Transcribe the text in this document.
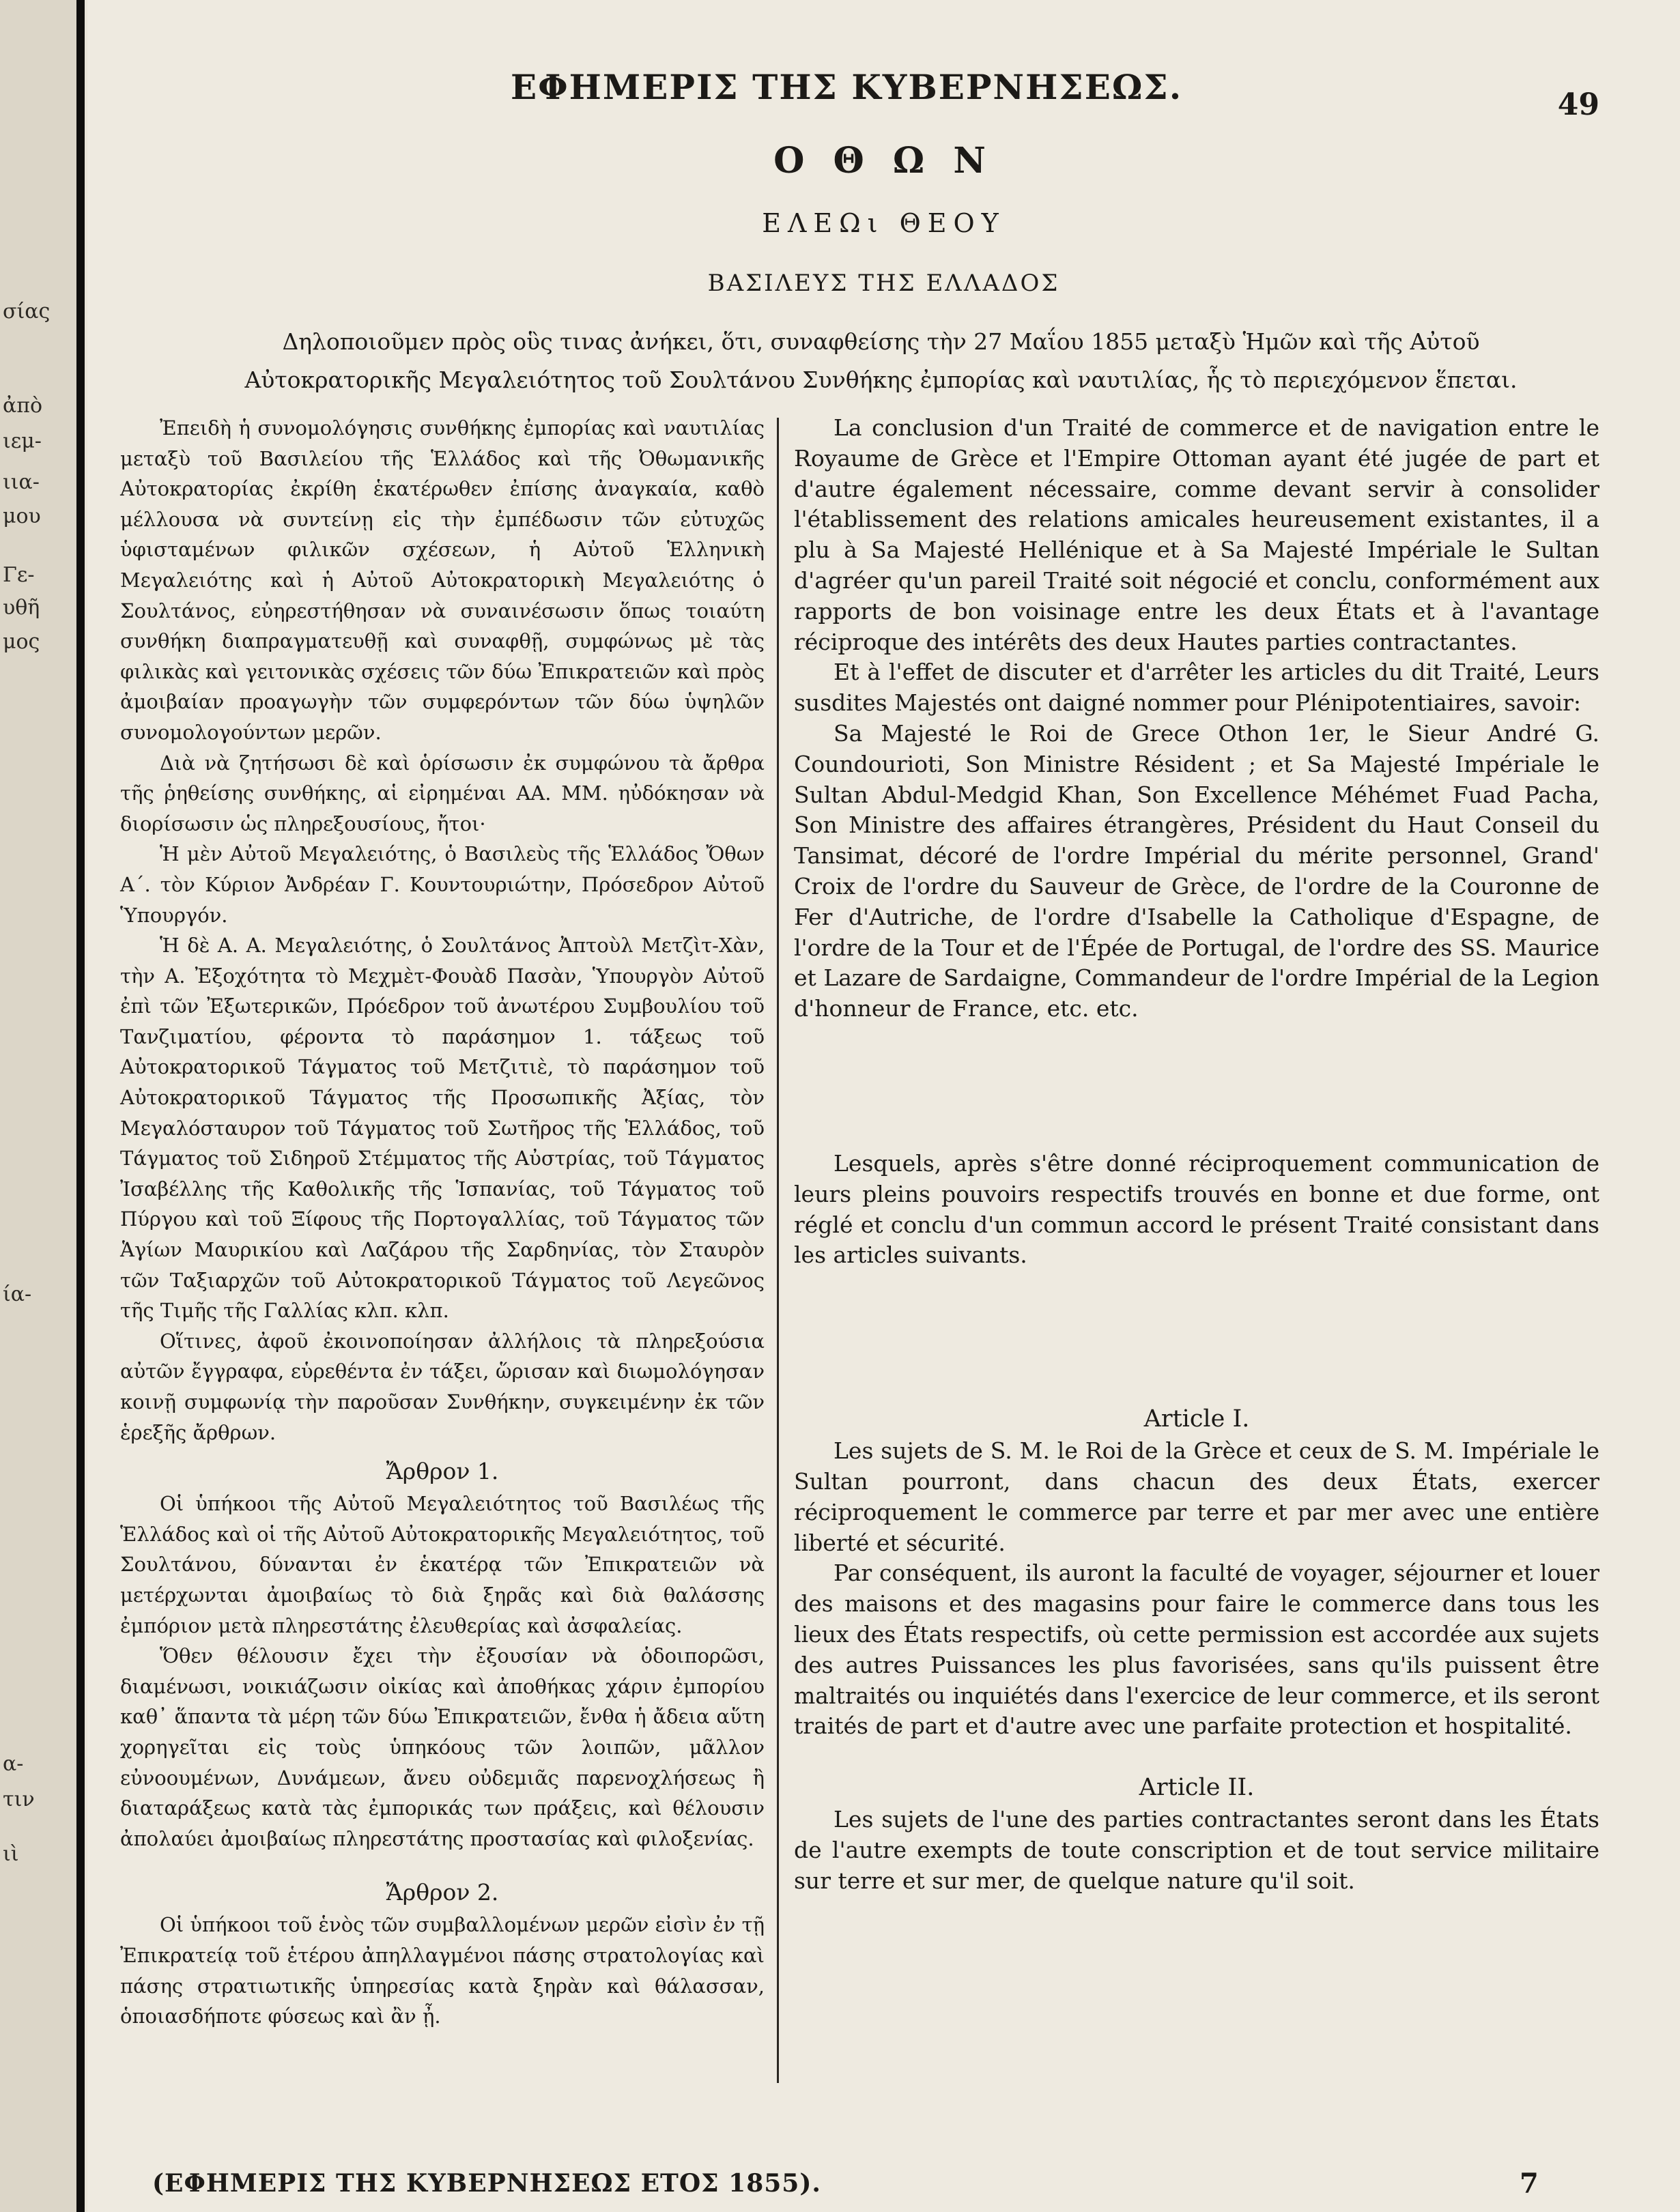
σίας
ἀπὸ
ιεμ-
ιια-
μου
Γε-
υθῆ
μος
ία-
α-
τιν
ιὶ
ΕΦΗΜΕΡΙΣ ΤΗΣ ΚΥΒΕΡΝΗΣΕΩΣ.	49
Ο Θ Ω Ν
ΕΛΕΩι ΘΕΟΥ
ΒΑΣΙΛΕΥΣ ΤΗΣ ΕΛΛΑΔΟΣ
Δηλοποιοῦμεν πρὸς οὓς τινας ἀνήκει, ὅτι, συναφθείσης τὴν 27 Μαΐου 1855 μεταξὺ Ἡμῶν καὶ τῆς Αὐτοῦ Αὐτοκρατορικῆς Μεγαλειότητος τοῦ Σουλτάνου Συνθήκης ἐμπορίας καὶ ναυτιλίας, ἧς τὸ περιεχόμενον ἕπεται.

Ἐπειδὴ ἡ συνομολόγησις συνθήκης ἐμπορίας καὶ ναυτιλίας μεταξὺ τοῦ Βασιλείου τῆς Ἑλλάδος καὶ τῆς Ὀθωμανικῆς Αὐτοκρατορίας ἐκρίθη ἑκατέρωθεν ἐπίσης ἀναγκαία, καθὸ μέλλουσα νὰ συντείνῃ εἰς τὴν ἐμπέδωσιν τῶν εὐτυχῶς ὑφισταμένων φιλικῶν σχέσεων, ἡ Αὐτοῦ Ἑλληνικὴ Μεγαλειότης καὶ ἡ Αὐτοῦ Αὐτοκρατορικὴ Μεγαλειότης ὁ Σουλτάνος, εὐηρεστήθησαν νὰ συναινέσωσιν ὅπως τοιαύτη συνθήκη διαπραγματευθῇ καὶ συναφθῇ, συμφώνως μὲ τὰς φιλικὰς καὶ γειτονικὰς σχέσεις τῶν δύω Ἐπικρατειῶν καὶ πρὸς ἀμοιβαίαν προαγωγὴν τῶν συμφερόντων τῶν δύω ὑψηλῶν συνομολογούντων μερῶν.

Διὰ νὰ ζητήσωσι δὲ καὶ ὁρίσωσιν ἐκ συμφώνου τὰ ἄρθρα τῆς ῥηθείσης συνθήκης, αἱ εἰρημέναι ΑΑ. ΜΜ. ηὐδόκησαν νὰ διορίσωσιν ὡς πληρεξουσίους, ἤτοι·

Ἡ μὲν Αὐτοῦ Μεγαλειότης, ὁ Βασιλεὺς τῆς Ἑλλάδος Ὄθων Α΄. τὸν Κύριον Ἀνδρέαν Γ. Κουντουριώτην, Πρόσεδρον Αὐτοῦ Ὑπουργόν.

Ἡ δὲ Α. Α. Μεγαλειότης, ὁ Σουλτάνος Ἀπτοὺλ Μετζὶτ-Χὰν, τὴν Α. Ἐξοχότητα τὸ Μεχμὲτ-Φουὰδ Πασὰν, Ὑπουργὸν Αὐτοῦ ἐπὶ τῶν Ἐξωτερικῶν, Πρόεδρον τοῦ ἀνωτέρου Συμβουλίου τοῦ Τανζιματίου, φέροντα τὸ παράσημον 1. τάξεως τοῦ Αὐτοκρατορικοῦ Τάγματος τοῦ Μετζιτιὲ, τὸ παράσημον τοῦ Αὐτοκρατορικοῦ Τάγματος τῆς Προσωπικῆς Ἀξίας, τὸν Μεγαλόσταυρον τοῦ Τάγματος τοῦ Σωτῆρος τῆς Ἑλλάδος, τοῦ Τάγματος τοῦ Σιδηροῦ Στέμματος τῆς Αὐστρίας, τοῦ Τάγματος Ἰσαβέλλης τῆς Καθολικῆς τῆς Ἱσπανίας, τοῦ Τάγματος τοῦ Πύργου καὶ τοῦ Ξίφους τῆς Πορτογαλλίας, τοῦ Τάγματος τῶν Ἁγίων Μαυρικίου καὶ Λαζάρου τῆς Σαρδηνίας, τὸν Σταυρὸν τῶν Ταξιαρχῶν τοῦ Αὐτοκρατορικοῦ Τάγματος τοῦ Λεγεῶνος τῆς Τιμῆς τῆς Γαλλίας κλπ. κλπ.

Οἵτινες, ἀφοῦ ἐκοινοποίησαν ἀλλήλοις τὰ πληρεξούσια αὐτῶν ἔγγραφα, εὑρεθέντα ἐν τάξει, ὥρισαν καὶ διωμολόγησαν κοινῇ συμφωνίᾳ τὴν παροῦσαν Συνθήκην, συγκειμένην ἐκ τῶν ἑρεξῆς ἄρθρων.

Ἄρθρον 1.

Οἱ ὑπήκοοι τῆς Αὐτοῦ Μεγαλειότητος τοῦ Βασιλέως τῆς Ἑλλάδος καὶ οἱ τῆς Αὐτοῦ Αὐτοκρατορικῆς Μεγαλειότητος, τοῦ Σουλτάνου, δύνανται ἐν ἑκατέρᾳ τῶν Ἐπικρατειῶν νὰ μετέρχωνται ἀμοιβαίως τὸ διὰ ξηρᾶς καὶ διὰ θαλάσσης ἐμπόριον μετὰ πληρεστάτης ἐλευθερίας καὶ ἀσφαλείας.

Ὅθεν θέλουσιν ἔχει τὴν ἐξουσίαν νὰ ὁδοιπορῶσι, διαμένωσι, νοικιάζωσιν οἰκίας καὶ ἀποθήκας χάριν ἐμπορίου καθ᾿ ἅπαντα τὰ μέρη τῶν δύω Ἐπικρατειῶν, ἔνθα ἡ ἄδεια αὕτη χορηγεῖται εἰς τοὺς ὑπηκόους τῶν λοιπῶν, μᾶλλον εὐνοουμένων, Δυνάμεων, ἄνευ οὐδεμιᾶς παρενοχλήσεως ἢ διαταράξεως κατὰ τὰς ἐμπορικάς των πράξεις, καὶ θέλουσιν ἀπολαύει ἀμοιβαίως πληρεστάτης προστασίας καὶ φιλοξενίας.

Ἄρθρον 2.

Οἱ ὑπήκοοι τοῦ ἑνὸς τῶν συμβαλλομένων μερῶν εἰσὶν ἐν τῇ Ἐπικρατείᾳ τοῦ ἑτέρου ἀπηλλαγμένοι πάσης στρατολογίας καὶ πάσης στρατιωτικῆς ὑπηρεσίας κατὰ ξηρὰν καὶ θάλασσαν, ὁποιασδήποτε φύσεως καὶ ἂν ᾖ.

La conclusion d'un Traité de commerce et de navigation entre le Royaume de Grèce et l'Empire Ottoman ayant été jugée de part et d'autre également nécessaire, comme devant servir à consolider l'établissement des relations amicales heureusement existantes, il a plu à Sa Majesté Hellénique et à Sa Majesté Impériale le Sultan d'agréer qu'un pareil Traité soit négocié et conclu, conformément aux rapports de bon voisinage entre les deux États et à l'avantage réciproque des intérêts des deux Hautes parties contractantes.

Et à l'effet de discuter et d'arrêter les articles du dit Traité, Leurs susdites Majestés ont daigné nommer pour Plénipotentiaires, savoir:

Sa Majesté le Roi de Grece Othon 1er, le Sieur André G. Coundourioti, Son Ministre Résident ; et Sa Majesté Impériale le Sultan Abdul-Medgid Khan, Son Excellence Méhémet Fuad Pacha, Son Ministre des affaires étrangères, Président du Haut Conseil du Tansimat, décoré de l'ordre Impérial du mérite personnel, Grand' Croix de l'ordre du Sauveur de Grèce, de l'ordre de la Couronne de Fer d'Autriche, de l'ordre d'Isabelle la Catholique d'Espagne, de l'ordre de la Tour et de l'Épée de Portugal, de l'ordre des SS. Maurice et Lazare de Sardaigne, Commandeur de l'ordre Impérial de la Legion d'honneur de France, etc. etc.

Lesquels, après s'être donné réciproquement communication de leurs pleins pouvoirs respectifs trouvés en bonne et due forme, ont réglé et conclu d'un commun accord le présent Traité consistant dans les articles suivants.

Article I.

Les sujets de S. M. le Roi de la Grèce et ceux de S. M. Impériale le Sultan pourront, dans chacun des deux États, exercer réciproquement le commerce par terre et par mer avec une entière liberté et sécurité.

Par conséquent, ils auront la faculté de voyager, séjourner et louer des maisons et des magasins pour faire le commerce dans tous les lieux des États respectifs, où cette permission est accordée aux sujets des autres Puissances les plus favorisées, sans qu'ils puissent être maltraités ou inquiétés dans l'exercice de leur commerce, et ils seront traités de part et d'autre avec une parfaite protection et hospitalité.

Article II.

Les sujets de l'une des parties contractantes seront dans les États de l'autre exempts de toute conscription et de tout service militaire sur terre et sur mer, de quelque nature qu'il soit.

(ΕΦΗΜΕΡΙΣ ΤΗΣ ΚΥΒΕΡΝΗΣΕΩΣ ΕΤΟΣ 1855).	7
